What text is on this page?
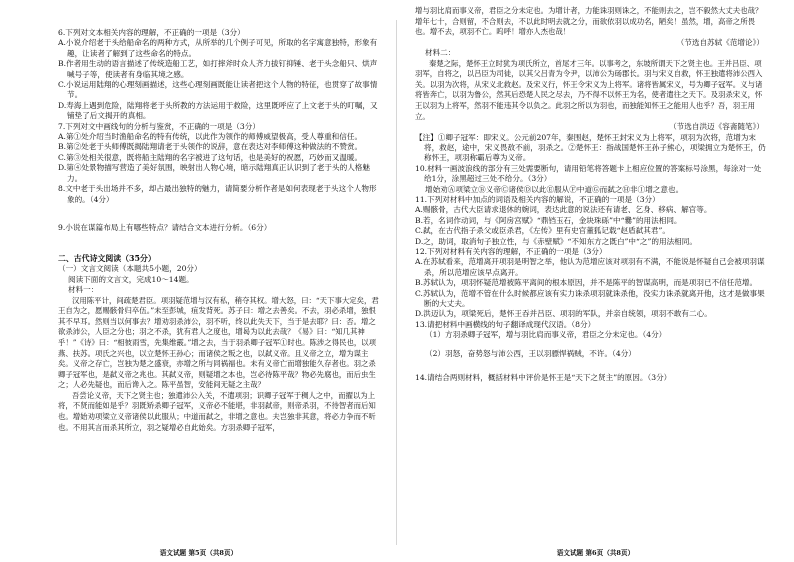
6.下列对文本相关内容的理解，不正确的一项是（3分）

A.小说介绍老于头给船命名的两种方式，从所举的几个例子可见，所取的名字寓意独特，形象有趣，让读者了解到了这些命名的特点。

B.作者用生动的语言描述了传统造船工艺，如打摔斧时众人齐力拔钉抑锤、老于头念船只、烘声喊号子等，使读者有身临其境之感。

C.小说运用陆翔的心理刻画描述，这些心理刻画既能让读者把这个人物的特征，也贯穿了故事情节。

D.寿海上遇到危险，陆翔将老于头所教的方法运用于救险，这里既呼应了上文老于头的叮嘱，又铺垫了后文揭开的真相。

7.下列对文中画线句的分析与鉴赏，不正确的一项是（3分）

A.第①处介绍当时渔船命名的特有传统，以此作为领作的师傅威望极高，受人尊重和信任。

B.第②处老于头师傅既揭陆翔请老于头领作的说辞，意在表达对李师傅这种做法的不赞赏。

C.第③处相关很意，既将船主陆翔的名字被进了这句话，也是美好的祝愿，巧妙而又温暖。

D.第④处景物描写营造了美好氛围，映射出人物心境，暗示陆翔真正认识到了老于头的人格魅力。

8.文中老于头出场并不多，却占最出独特的魅力，请简要分析作者是如何表现老于头这个人物形象的。（4分）

9.小说在谋篇布局上有哪些特点？请结合文本进行分析。（6分）

二、古代诗文阅读（35分）

（一）文言文阅读（本题共5小题，20分）

阅读下面的文言文，完成10～14题。

材料一：

汉用陈平计，间疏楚君臣。项羽疑范增与汉有私，稍夺其权。增大怒，曰：“天下事大定矣，君王自为之，愿赐骸骨归卒伍。”未至彭城，疽发背死。苏子曰：增之去善矣。不去，羽必杀增，独恨其不早耳。然则当以何事去？增劝羽杀沛公，羽不听，终以此失天下，当于是去耶？曰：否。增之欲杀沛公，人臣之分也；羽之不杀，犹有君人之度也，增曷为以此去哉？《易》曰：“知几其神乎！”《诗》曰：“相彼雨雪，先集维霰。”增之去，当于羽杀卿子冠军①时也。陈涉之得民也，以项燕、扶苏。项氏之兴也，以立楚怀王孙心；而诸侯之叛之也，以弑义帝。且义帝之立，增为谋主矣。义帝之存亡，岂独为楚之盛衰，亦增之所与同祸福也。未有义帝亡而增独能久存者也。羽之杀卿子冠军也，是弑义帝之兆也。其弑义帝，则疑增之本也，岂必待陈平哉？物必先腐也，而后虫生之；人必先疑也，而后谗入之。陈平虽智，安能间无疑之主哉？

吾尝论义帝，天下之贤主也；独遣沛公入关，不遣项羽；识卿子冠军于稠人之中，而擢以为上将，不贤而能如是乎？羽既矫杀卿子冠军，义帝必不能堪，非羽弑帝，则帝杀羽，不待智者而后知也。增始劝项梁立义帝诸侯以此服从；中道而弑之，非增之意也。夫岂独非其意，将必力争而不听也。不用其言而杀其所立，羽之疑增必自此始矣。方羽杀卿子冠军，

语文试题 第5页（共8页）

增与羽比肩而事义帝，君臣之分未定也。为增计者，力能诛羽则诛之，不能则去之，岂不毅然大丈夫也哉？增年七十，合则留，不合则去，不以此时明去就之分，而欲依羽以成功名，陋矣！虽然，增，高帝之所畏也。增不去，项羽不亡。呜呼！增亦人杰也哉！

（节选自苏轼《范增论》）

材料二：

秦楚之际，楚怀王立时犹为项氏所立，首尾才三年。以事考之，东坡所谓天下之贤主也。王并吕臣、项羽军，自将之，以吕臣为司徒，以其父吕青为令尹，以沛公为砀郡长。羽与宋义自救，怀王独遣将沛公西入关。以羽为次将，从宋义北救赵。及宋义行，怀王令宋义为上将军。诸将皆属宋义，号为卿子冠军。义与诸将皆奔亡，以羽为鲁公，然其后恐楚人民之尽去，乃不得不以怀王为名，使者遣往之天下。及羽杀宋义，怀王以羽为上将军，然羽不能违其令以负之。此羽之所以为羽也，而独能知怀王之能用人也乎？吾，羽王用立。

（节选自洪迈《容斋随笔》）

【注】①卿子冠军：即宋义。公元前207年，秦围赵，楚怀王封宋义为上将军，项羽为次将，范增为末将，救赵，途中，宋义畏敌不前，羽杀之。②楚怀王：指战国楚怀王孙子熊心，项梁拥立为楚怀王，仍称怀王，项羽称霸后尊为义帝。

10.材料一画波浪线的部分有三处需要断句，请用铅笔将答题卡上相应位置的答案标号涂黑，每涂对一处给1分，涂黑超过三处不给分。（3分）

增始劝Ⓐ项梁立Ⓑ义帝Ⓒ诸侯Ⓓ以此Ⓔ服从Ⓕ中道Ⓖ而弑之Ⓗ非Ⓘ增之意也。

11.下列对材料中加点的词语及相关内容的解说，不正确的一项是（3分）

A.赐骸骨，古代大臣请求退休的婉词，表达此意的说法还有请老、乞身、移病、解官等。

B.若，名词作动词，与《阿房宫赋》“鼎铛玉石，金块珠砾”中“爨”的用法相同。

C.弑，在古代指子杀父或臣杀君，《左传》里有史官董狐记载“赵盾弑其君”。

D.之，助词，取消句子独立性，与《赤壁赋》“不知东方之既白”中“之”的用法相同。

12.下列对材料有关内容的理解，不正确的一项是（3分）

A.在苏轼看来，范增离开项羽是明智之举，他认为范增应该对项羽有不满，不能说是怀疑自己会被项羽谋杀，所以范增应该早点离开。

B.苏轼认为，项羽怀疑范增被陈平离间的根本原因，并不是陈平的智谋高明，而是项羽已不信任范增。

C.苏轼认为，范增不管在什么时候都应该有实力诛杀项羽就诛杀他，没实力诛杀就离开他，这才是做事果断的大丈夫。

D.洪迈认为，项梁死后，楚怀王吞并吕臣、项羽的军队，并亲自统领，项羽不敢有二心。

13.请把材料中画横线的句子翻译成现代汉语。（8分）

（1）方羽杀卿子冠军，增与羽比肩而事义帝，君臣之分未定也。（4分）

（2）羽怒，奋势怒与沛公西，王以羽骠悍祸贼，不许。（4分）

14.请结合两则材料，概括材料中评价是怀王是“天下之贤主”的原因。（3分）

语文试题 第6页（共8页）
